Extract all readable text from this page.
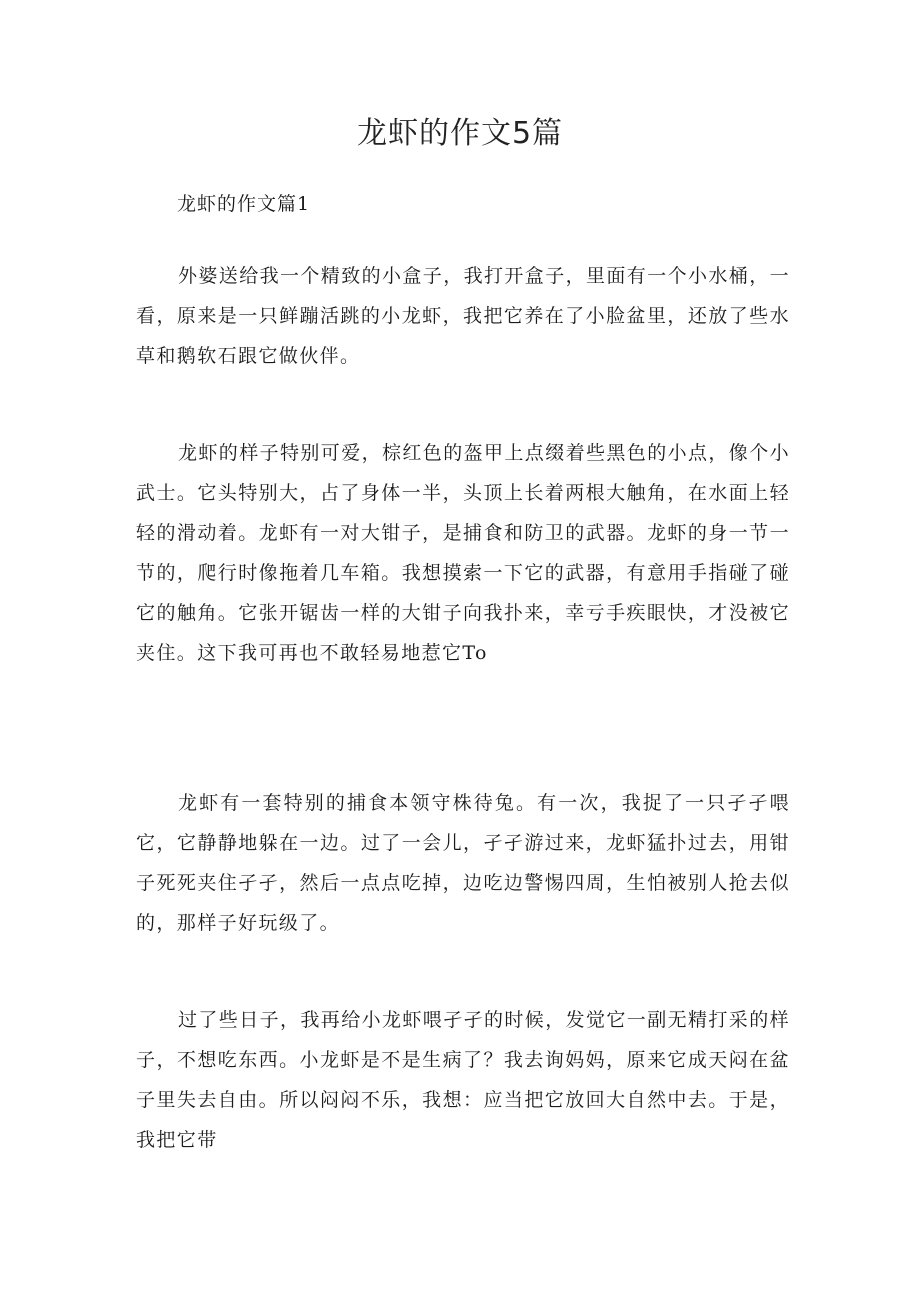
龙虾的作文5篇
龙虾的作文篇1

外婆送给我一个精致的小盒子，我打开盒子，里面有一个小水桶，一看，原来是一只鲜蹦活跳的小龙虾，我把它养在了小脸盆里，还放了些水草和鹅软石跟它做伙伴。

龙虾的样子特别可爱，棕红色的盔甲上点缀着些黑色的小点，像个小武士。它头特别大，占了身体一半，头顶上长着两根大触角，在水面上轻轻的滑动着。龙虾有一对大钳子，是捕食和防卫的武器。龙虾的身一节一节的，爬行时像拖着几车箱。我想摸索一下它的武器，有意用手指碰了碰它的触角。它张开锯齿一样的大钳子向我扑来，幸亏手疾眼快，才没被它夹住。这下我可再也不敢轻易地惹它To

龙虾有一套特别的捕食本领守株待兔。有一次，我捉了一只孑孑喂它，它静静地躲在一边。过了一会儿，孑孑游过来，龙虾猛扑过去，用钳子死死夹住孑孑，然后一点点吃掉，边吃边警惕四周，生怕被别人抢去似的，那样子好玩级了。

过了些日子，我再给小龙虾喂孑孑的时候，发觉它一副无精打采的样子，不想吃东西。小龙虾是不是生病了？我去询妈妈，原来它成天闷在盆子里失去自由。所以闷闷不乐，我想：应当把它放回大自然中去。于是，我把它带
